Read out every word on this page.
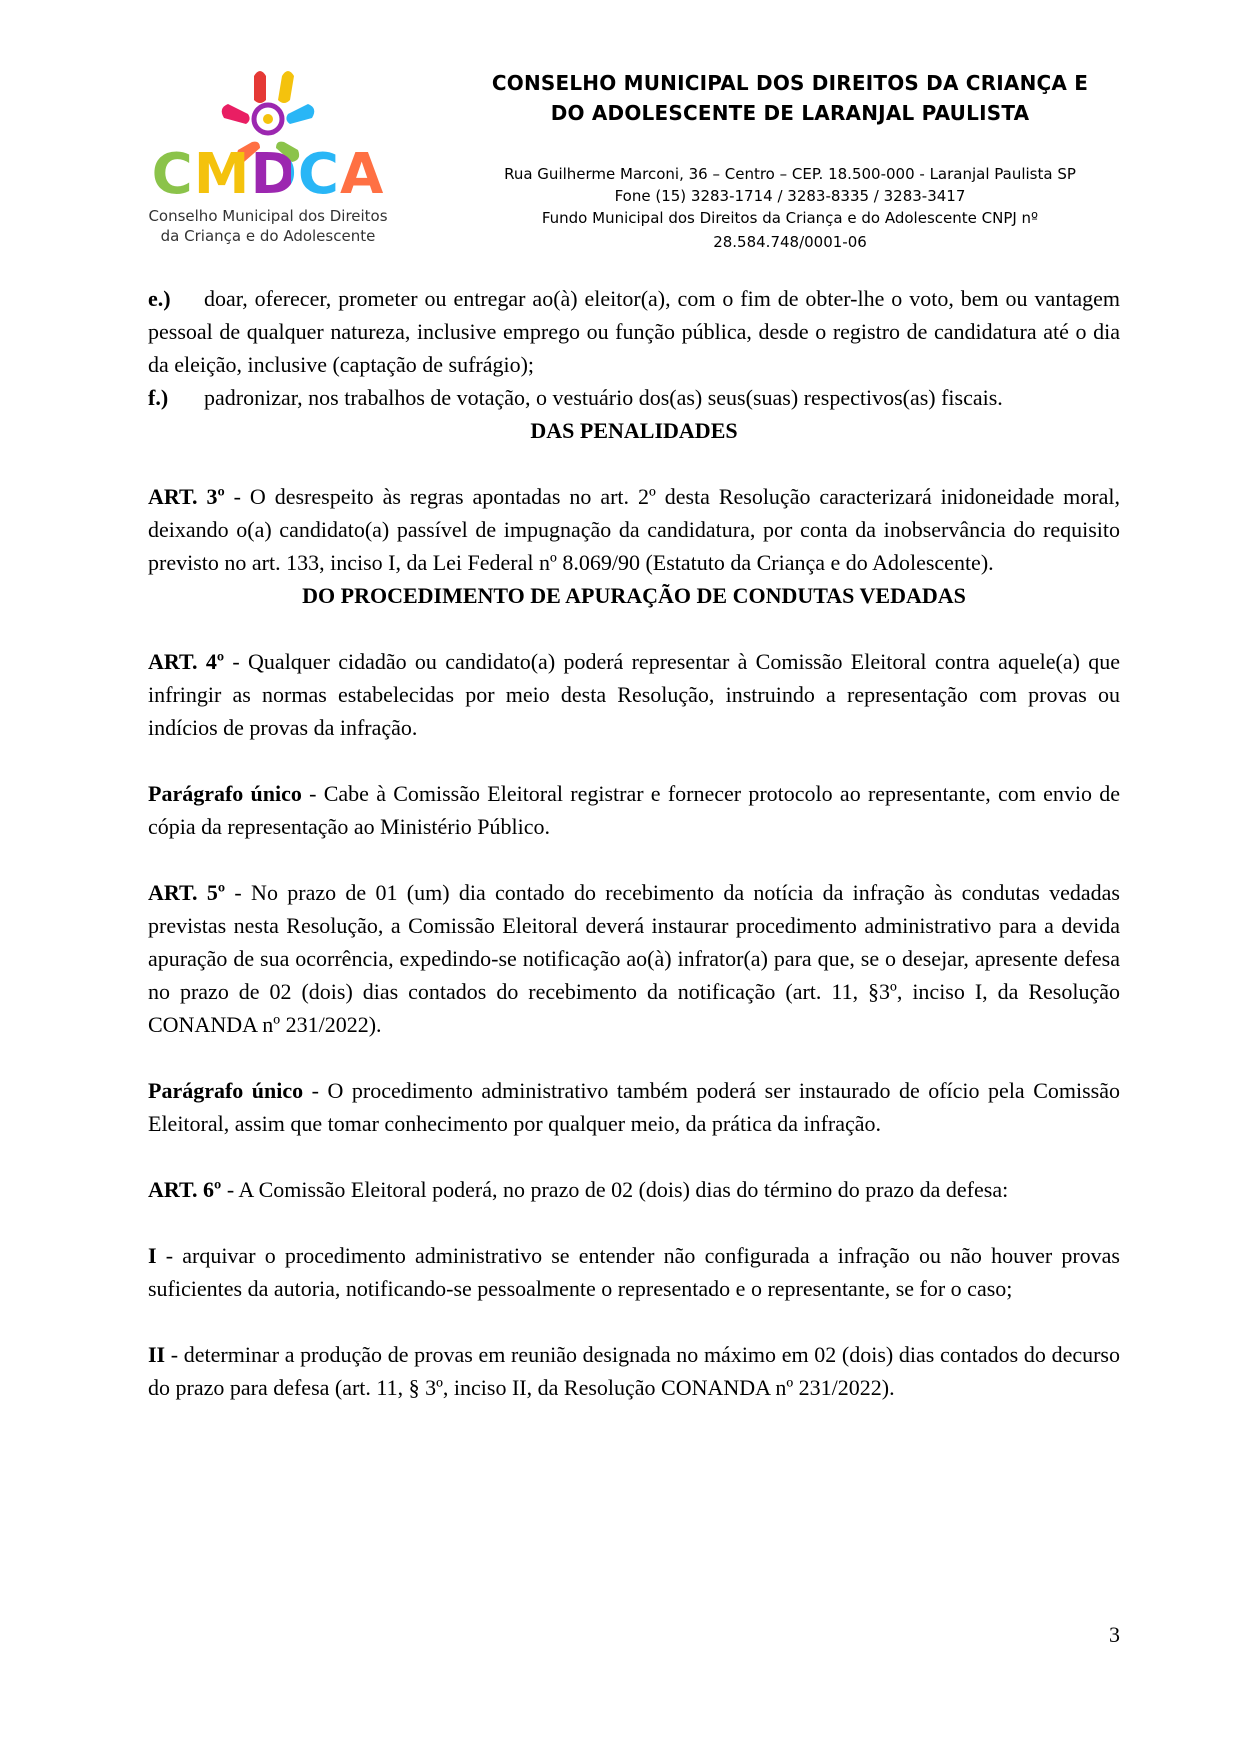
CMDCA
Conselho Municipal dos Direitos
da Criança e do Adolescente
CONSELHO MUNICIPAL DOS DIREITOS DA CRIANÇA E
DO ADOLESCENTE DE LARANJAL PAULISTA
Rua Guilherme Marconi, 36 – Centro – CEP. 18.500-000 - Laranjal Paulista SP
Fone (15) 3283-1714 / 3283-8335 / 3283-3417
Fundo Municipal dos Direitos da Criança e do Adolescente CNPJ nº
28.584.748/0001-06

e.) doar, oferecer, prometer ou entregar ao(à) eleitor(a), com o fim de obter-lhe o voto, bem ou vantagem pessoal de qualquer natureza, inclusive emprego ou função pública, desde o registro de candidatura até o dia da eleição, inclusive (captação de sufrágio);

f.) padronizar, nos trabalhos de votação, o vestuário dos(as) seus(suas) respectivos(as) fiscais.

DAS PENALIDADES

ART. 3º - O desrespeito às regras apontadas no art. 2º desta Resolução caracterizará inidoneidade moral, deixando o(a) candidato(a) passível de impugnação da candidatura, por conta da inobservância do requisito previsto no art. 133, inciso I, da Lei Federal nº 8.069/90 (Estatuto da Criança e do Adolescente).

DO PROCEDIMENTO DE APURAÇÃO DE CONDUTAS VEDADAS

ART. 4º - Qualquer cidadão ou candidato(a) poderá representar à Comissão Eleitoral contra aquele(a) que infringir as normas estabelecidas por meio desta Resolução, instruindo a representação com provas ou indícios de provas da infração.

Parágrafo único - Cabe à Comissão Eleitoral registrar e fornecer protocolo ao representante, com envio de cópia da representação ao Ministério Público.

ART. 5º - No prazo de 01 (um) dia contado do recebimento da notícia da infração às condutas vedadas previstas nesta Resolução, a Comissão Eleitoral deverá instaurar procedimento administrativo para a devida apuração de sua ocorrência, expedindo-se notificação ao(à) infrator(a) para que, se o desejar, apresente defesa no prazo de 02 (dois) dias contados do recebimento da notificação (art. 11, §3º, inciso I, da Resolução CONANDA nº 231/2022).

Parágrafo único - O procedimento administrativo também poderá ser instaurado de ofício pela Comissão Eleitoral, assim que tomar conhecimento por qualquer meio, da prática da infração.

ART. 6º - A Comissão Eleitoral poderá, no prazo de 02 (dois) dias do término do prazo da defesa:

I - arquivar o procedimento administrativo se entender não configurada a infração ou não houver provas suficientes da autoria, notificando-se pessoalmente o representado e o representante, se for o caso;

II - determinar a produção de provas em reunião designada no máximo em 02 (dois) dias contados do decurso do prazo para defesa (art. 11, § 3º, inciso II, da Resolução CONANDA nº 231/2022).

3
